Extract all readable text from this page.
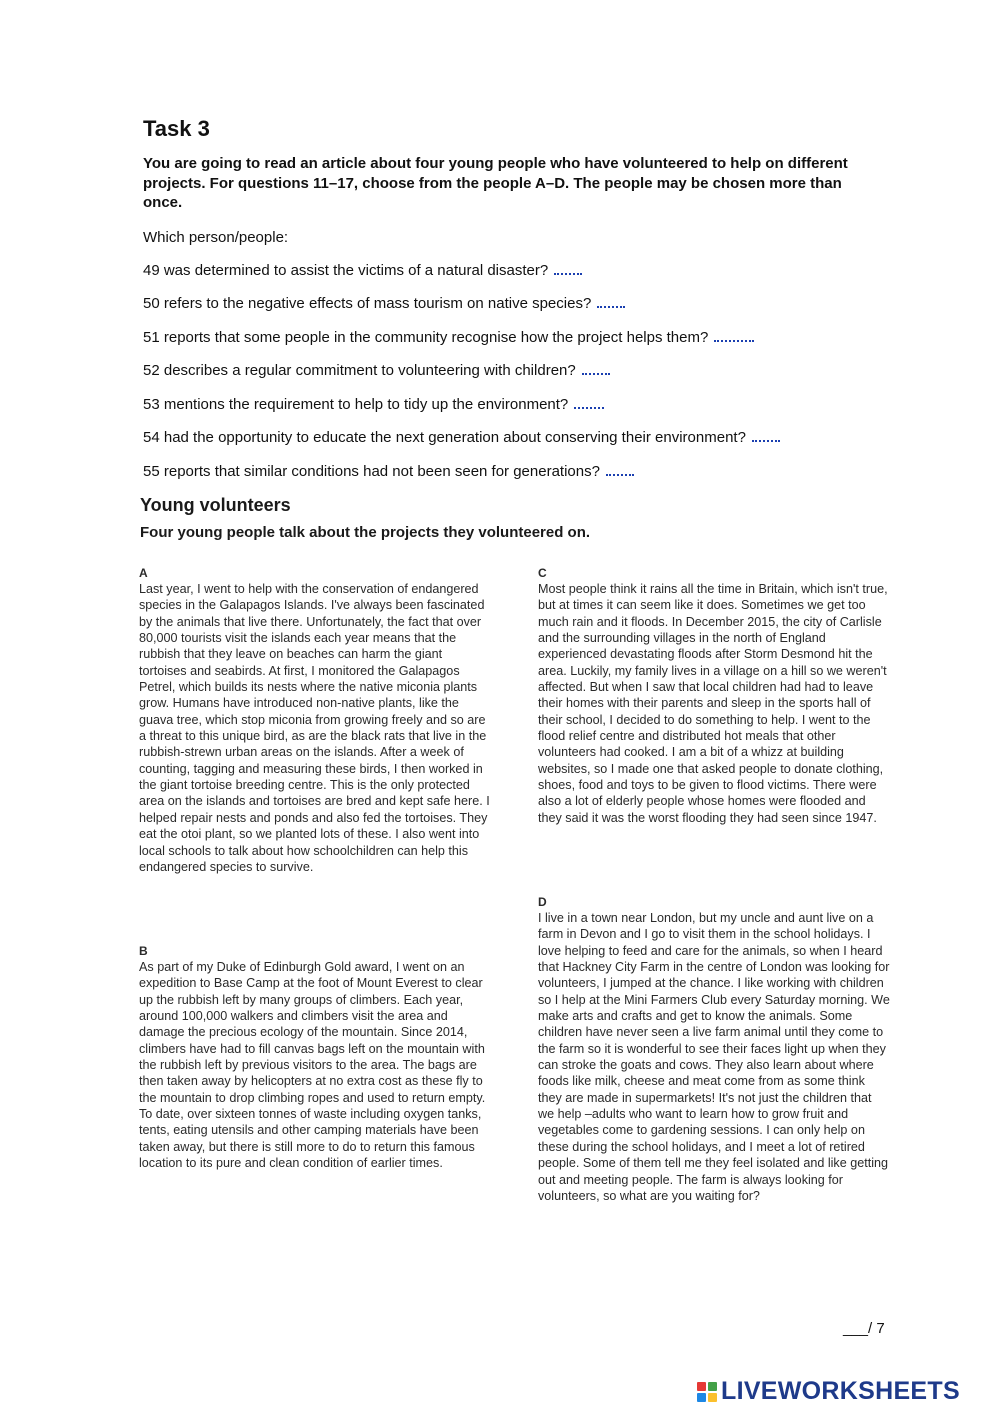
Task 3
You are going to read an article about four young people who have volunteered to help on different projects. For questions 11–17, choose from the people A–D. The people may be chosen more than once.
Which person/people:
49 was determined to assist the victims of a natural disaster?
50 refers to the negative effects of mass tourism on native species?
51 reports that some people in the community recognise how the project helps them?
52 describes a regular commitment to volunteering with children?
53 mentions the requirement to help to tidy up the environment?
54 had the opportunity to educate the next generation about conserving their environment?
55 reports that similar conditions had not been seen for generations?
Young volunteers
Four young people talk about the projects they volunteered on.
A

Last year, I went to help with the conservation of endangered species in the Galapagos Islands. I've always been fascinated by the animals that live there. Unfortunately, the fact that over 80,000 tourists visit the islands each year means that the rubbish that they leave on beaches can harm the giant tortoises and seabirds. At first, I monitored the Galapagos Petrel, which builds its nests where the native miconia plants grow. Humans have introduced non-native plants, like the guava tree, which stop miconia from growing freely and so are a threat to this unique bird, as are the black rats that live in the rubbish-strewn urban areas on the islands. After a week of counting, tagging and measuring these birds, I then worked in the giant tortoise breeding centre. This is the only protected area on the islands and tortoises are bred and kept safe here. I helped repair nests and ponds and also fed the tortoises. They eat the otoi plant, so we planted lots of these. I also went into local schools to talk about how schoolchildren can help this endangered species to survive.

B

As part of my Duke of Edinburgh Gold award, I went on an expedition to Base Camp at the foot of Mount Everest to clear up the rubbish left by many groups of climbers. Each year, around 100,000 walkers and climbers visit the area and damage the precious ecology of the mountain. Since 2014, climbers have had to fill canvas bags left on the mountain with the rubbish left by previous visitors to the area. The bags are then taken away by helicopters at no extra cost as these fly to the mountain to drop climbing ropes and used to return empty. To date, over sixteen tonnes of waste including oxygen tanks, tents, eating utensils and other camping materials have been taken away, but there is still more to do to return this famous location to its pure and clean condition of earlier times.

C

Most people think it rains all the time in Britain, which isn't true, but at times it can seem like it does. Sometimes we get too much rain and it floods. In December 2015, the city of Carlisle and the surrounding villages in the north of England experienced devastating floods after Storm Desmond hit the area. Luckily, my family lives in a village on a hill so we weren't affected. But when I saw that local children had had to leave their homes with their parents and sleep in the sports hall of their school, I decided to do something to help. I went to the flood relief centre and distributed hot meals that other volunteers had cooked. I am a bit of a whizz at building websites, so I made one that asked people to donate clothing, shoes, food and toys to be given to flood victims. There were also a lot of elderly people whose homes were flooded and they said it was the worst flooding they had seen since 1947.

D

I live in a town near London, but my uncle and aunt live on a farm in Devon and I go to visit them in the school holidays. I love helping to feed and care for the animals, so when I heard that Hackney City Farm in the centre of London was looking for volunteers, I jumped at the chance. I like working with children so I help at the Mini Farmers Club every Saturday morning. We make arts and crafts and get to know the animals. Some children have never seen a live farm animal until they come to the farm so it is wonderful to see their faces light up when they can stroke the goats and cows. They also learn about where foods like milk, cheese and meat come from as some think they are made in supermarkets! It's not just the children that we help –adults who want to learn how to grow fruit and vegetables come to gardening sessions. I can only help on these during the school holidays, and I meet a lot of retired people. Some of them tell me they feel isolated and like getting out and meeting people. The farm is always looking for volunteers, so what are you waiting for?

___/ 7
LIVEWORKSHEETS
